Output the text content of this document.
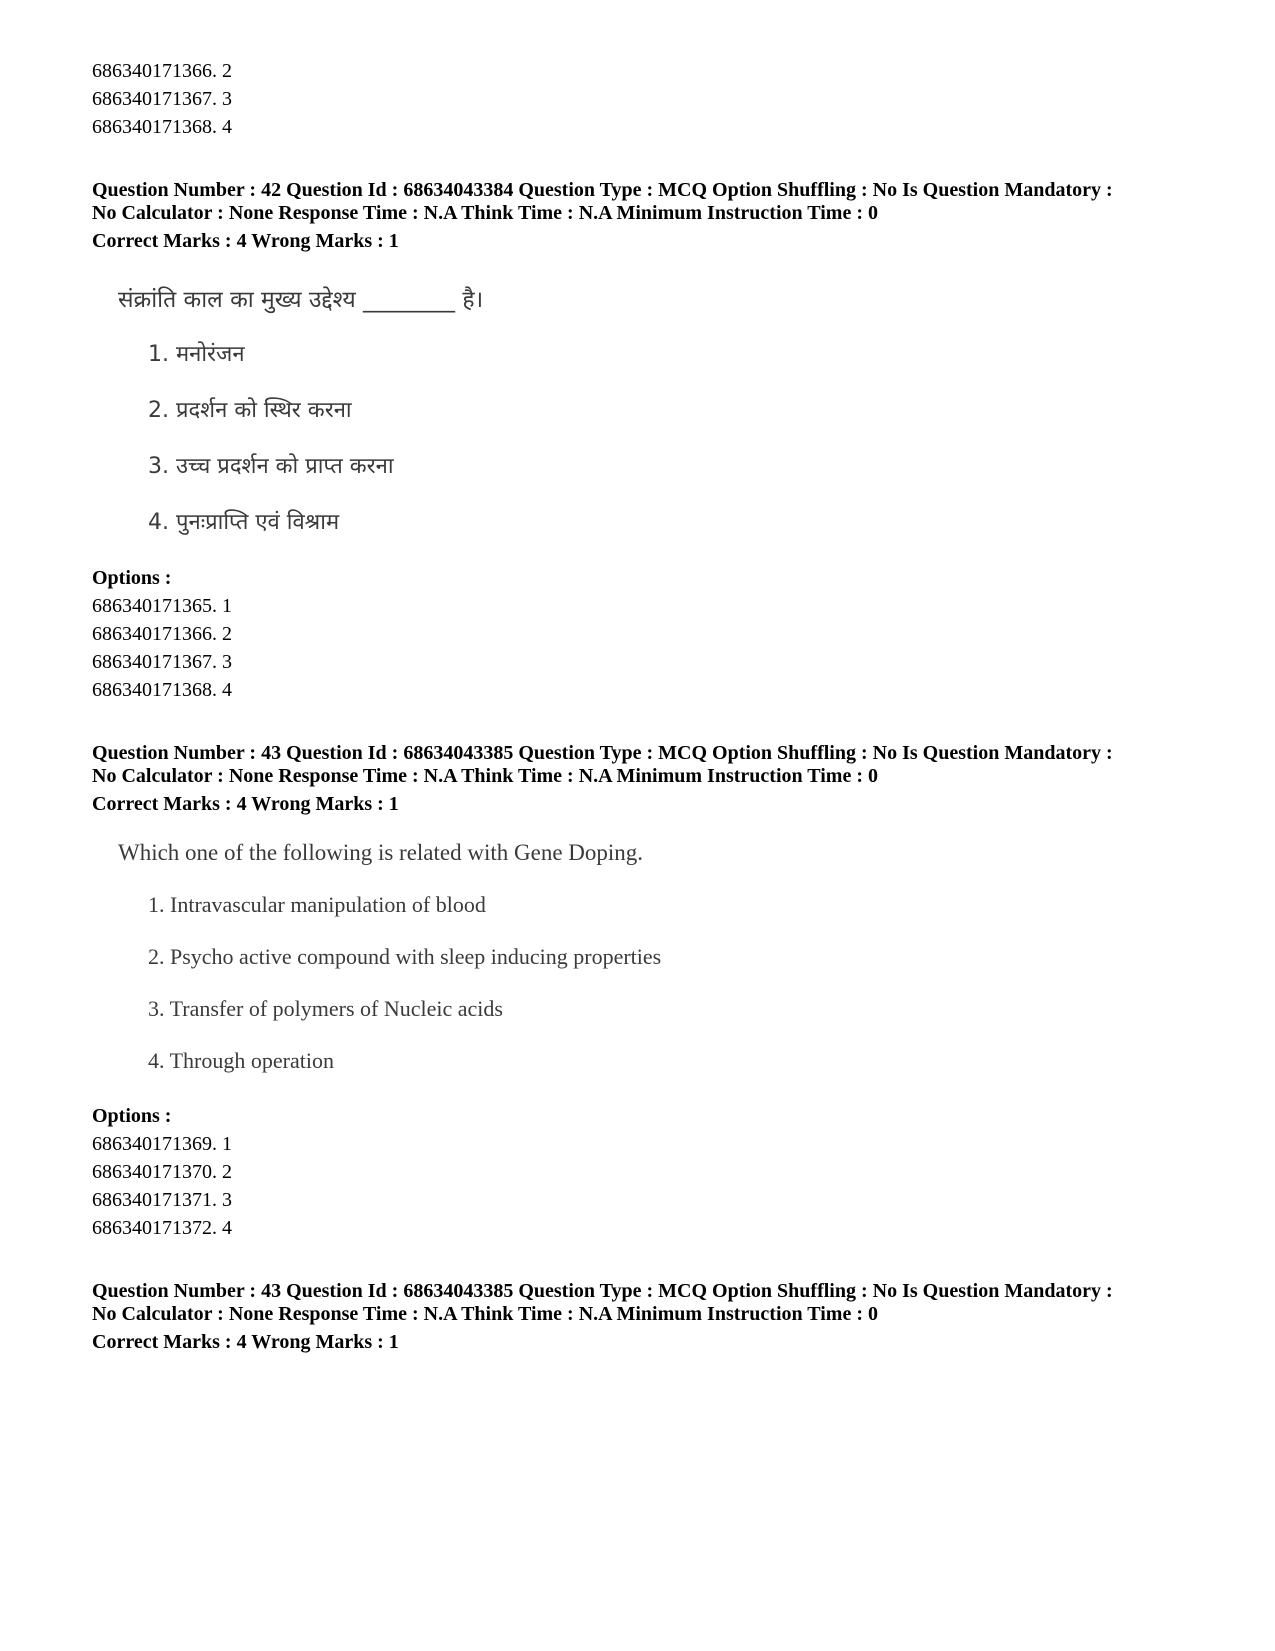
686340171366. 2
686340171367. 3
686340171368. 4
Question Number : 42 Question Id : 68634043384 Question Type : MCQ Option Shuffling : No Is Question Mandatory :
No Calculator : None Response Time : N.A Think Time : N.A Minimum Instruction Time : 0
Correct Marks : 4 Wrong Marks : 1
संक्रांति काल का मुख्य उद्देश्य ________ है।
1. मनोरंजन
2. प्रदर्शन को स्थिर करना
3. उच्च प्रदर्शन को प्राप्त करना
4. पुनःप्राप्ति एवं विश्राम
Options :
686340171365. 1
686340171366. 2
686340171367. 3
686340171368. 4
Question Number : 43 Question Id : 68634043385 Question Type : MCQ Option Shuffling : No Is Question Mandatory :
No Calculator : None Response Time : N.A Think Time : N.A Minimum Instruction Time : 0
Correct Marks : 4 Wrong Marks : 1
Which one of the following is related with Gene Doping.
1. Intravascular manipulation of blood
2. Psycho active compound with sleep inducing properties
3. Transfer of polymers of Nucleic acids
4. Through operation
Options :
686340171369. 1
686340171370. 2
686340171371. 3
686340171372. 4
Question Number : 43 Question Id : 68634043385 Question Type : MCQ Option Shuffling : No Is Question Mandatory :
No Calculator : None Response Time : N.A Think Time : N.A Minimum Instruction Time : 0
Correct Marks : 4 Wrong Marks : 1
